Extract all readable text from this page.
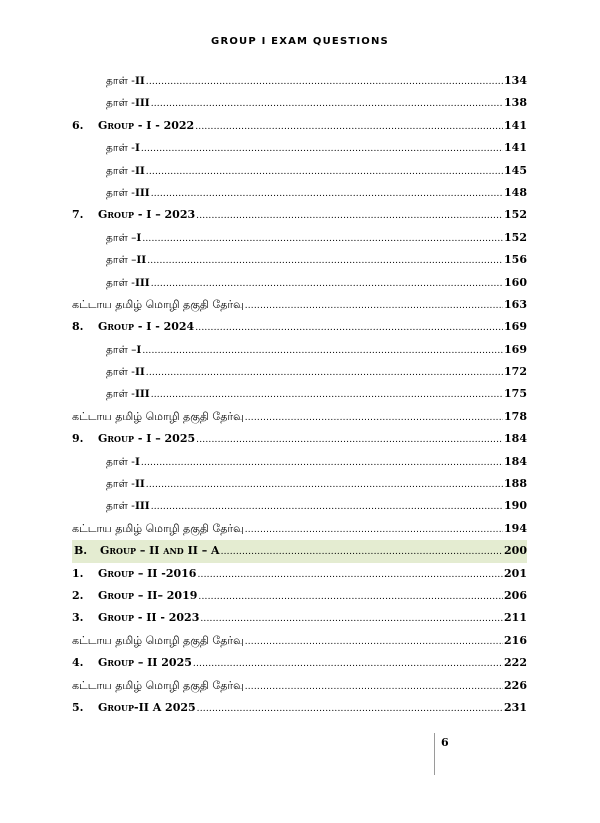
GROUP I EXAM QUESTIONS
தாள் -II .....	134
தாள் -III .....	138
6.	Group - I - 2022 .....	141
தாள் -I .....	141
தாள் -II .....	145
தாள் -III .....	148
7.	Group - I – 2023 .....	152
தாள் –I .....	152
தாள் –II .....	156
தாள் -III .....	160
கட்டாய தமிழ் மொழி தகுதி தேர்வு .....	163
8.	Group - I - 2024 .....	169
தாள் –I .....	169
தாள் -II .....	172
தாள் -III .....	175
கட்டாய தமிழ் மொழி தகுதி தேர்வு .....	178
9.	Group - I – 2025 .....	184
தாள் -I .....	184
தாள் -II .....	188
தாள் -III .....	190
கட்டாய தமிழ் மொழி தகுதி தேர்வு .....	194
B.	Group – II and II – A .....	200
1.	Group – II -2016 .....	201
2.	Group – II– 2019 .....	206
3.	Group - II - 2023 .....	211
கட்டாய தமிழ் மொழி தகுதி தேர்வு .....	216
4.	Group – II 2025 .....	222
கட்டாய தமிழ் மொழி தகுதி தேர்வு .....	226
5.	Group-II A 2025 .....	231
6
